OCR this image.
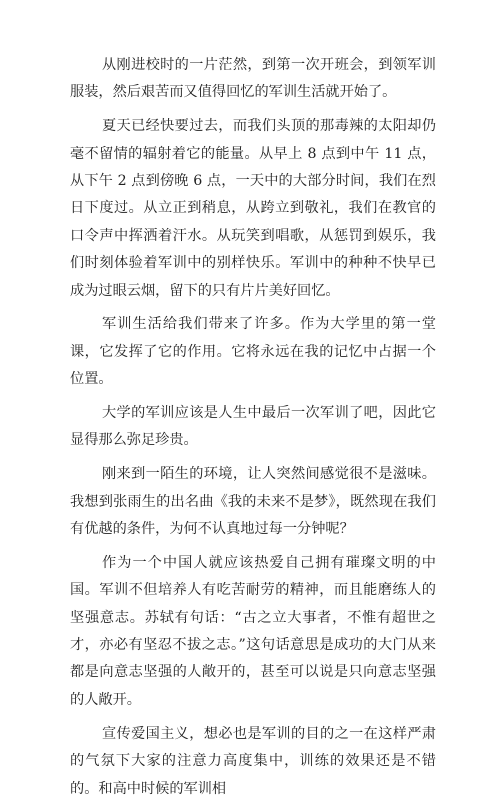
从刚进校时的一片茫然，到第一次开班会，到领军训服装，然后艰苦而又值得回忆的军训生活就开始了。

夏天已经快要过去，而我们头顶的那毒辣的太阳却仍毫不留情的辐射着它的能量。从早上 8 点到中午 11 点，从下午 2 点到傍晚 6 点，一天中的大部分时间，我们在烈日下度过。从立正到稍息，从跨立到敬礼，我们在教官的口令声中挥洒着汗水。从玩笑到唱歌，从惩罚到娱乐，我们时刻体验着军训中的别样快乐。军训中的种种不快早已成为过眼云烟，留下的只有片片美好回忆。

军训生活给我们带来了许多。作为大学里的第一堂课，它发挥了它的作用。它将永远在我的记忆中占据一个位置。

大学的军训应该是人生中最后一次军训了吧，因此它显得那么弥足珍贵。

刚来到一陌生的环境，让人突然间感觉很不是滋味。我想到张雨生的出名曲《我的未来不是梦》，既然现在我们有优越的条件，为何不认真地过每一分钟呢？

作为一个中国人就应该热爱自己拥有璀璨文明的中国。军训不但培养人有吃苦耐劳的精神，而且能磨练人的坚强意志。苏轼有句话：“古之立大事者，不惟有超世之才，亦必有坚忍不拔之志。”这句话意思是成功的大门从来都是向意志坚强的人敞开的，甚至可以说是只向意志坚强的人敞开。

宣传爱国主义，想必也是军训的目的之一在这样严肃的气氛下大家的注意力高度集中，训练的效果还是不错的。和高中时候的军训相
